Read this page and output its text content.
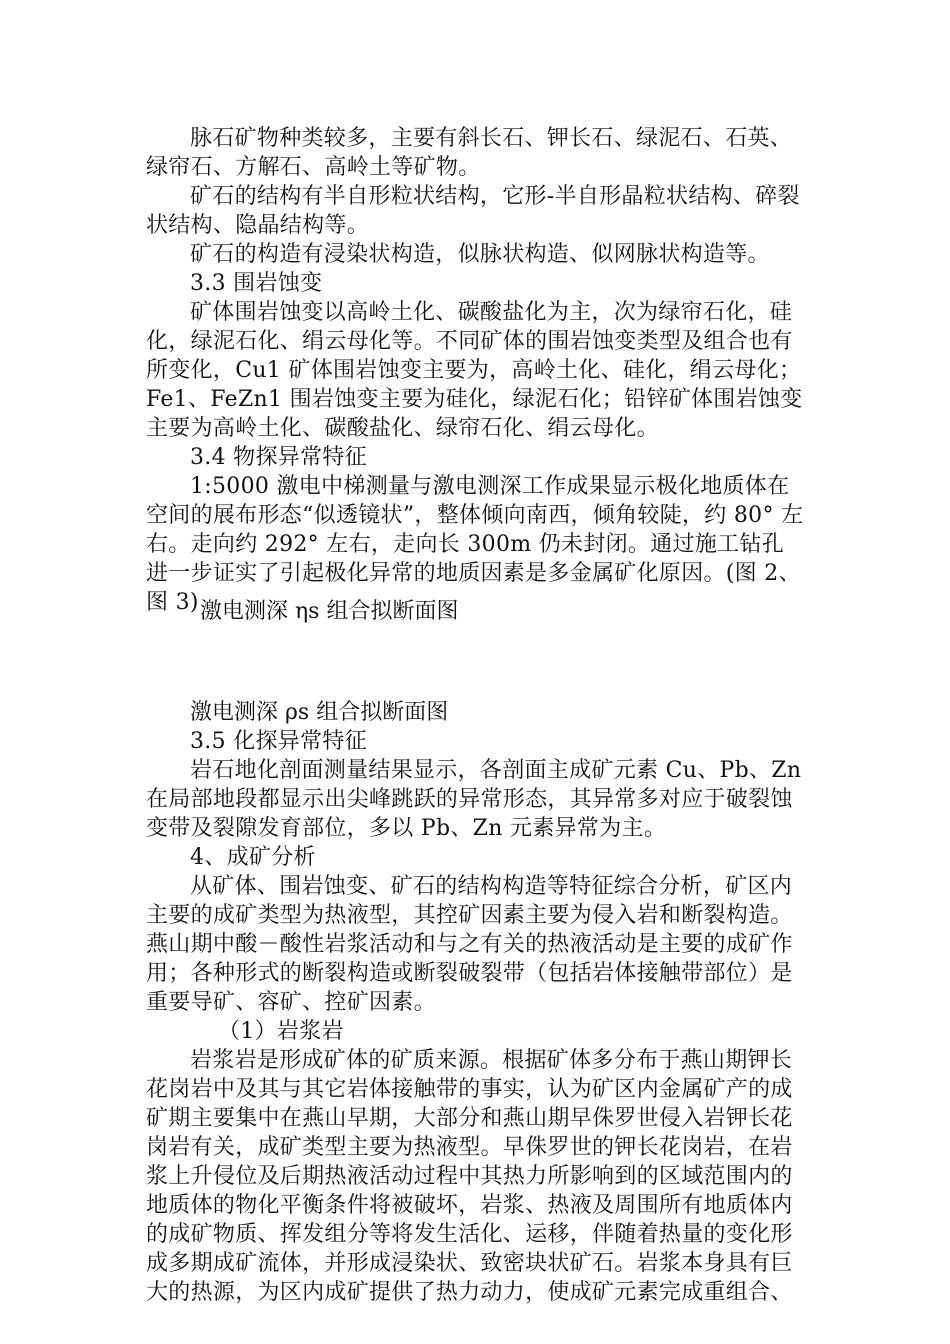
脉石矿物种类较多，主要有斜长石、钾长石、绿泥石、石英、绿帘石、方解石、高岭土等矿物。

矿石的结构有半自形粒状结构，它形-半自形晶粒状结构、碎裂状结构、隐晶结构等。

矿石的构造有浸染状构造，似脉状构造、似网脉状构造等。

3.3 围岩蚀变

矿体围岩蚀变以高岭土化、碳酸盐化为主，次为绿帘石化，硅化，绿泥石化、绢云母化等。不同矿体的围岩蚀变类型及组合也有所变化，Cu1 矿体围岩蚀变主要为，高岭土化、硅化，绢云母化；Fe1、FeZn1 围岩蚀变主要为硅化，绿泥石化；铅锌矿体围岩蚀变主要为高岭土化、碳酸盐化、绿帘石化、绢云母化。

3.4 物探异常特征

1:5000 激电中梯测量与激电测深工作成果显示极化地质体在空间的展布形态“似透镜状”，整体倾向南西，倾角较陡，约 80° 左右。走向约 292° 左右，走向长 300m 仍未封闭。通过施工钻孔进一步证实了引起极化异常的地质因素是多金属矿化原因。(图 2、图 3) 激电测深 ηs 组合拟断面图
激电测深 ρs 组合拟断面图

3.5 化探异常特征

岩石地化剖面测量结果显示，各剖面主成矿元素 Cu、Pb、Zn 在局部地段都显示出尖峰跳跃的异常形态，其异常多对应于破裂蚀变带及裂隙发育部位，多以 Pb、Zn 元素异常为主。

4、成矿分析

从矿体、围岩蚀变、矿石的结构构造等特征综合分析，矿区内主要的成矿类型为热液型，其控矿因素主要为侵入岩和断裂构造。燕山期中酸－酸性岩浆活动和与之有关的热液活动是主要的成矿作用；各种形式的断裂构造或断裂破裂带（包括岩体接触带部位）是重要导矿、容矿、控矿因素。

（1）岩浆岩

岩浆岩是形成矿体的矿质来源。根据矿体多分布于燕山期钾长花岗岩中及其与其它岩体接触带的事实，认为矿区内金属矿产的成矿期主要集中在燕山早期，大部分和燕山期早侏罗世侵入岩钾长花岗岩有关，成矿类型主要为热液型。早侏罗世的钾长花岗岩，在岩浆上升侵位及后期热液活动过程中其热力所影响到的区域范围内的地质体的物化平衡条件将被破坏，岩浆、热液及周围所有地质体内的成矿物质、挥发组分等将发生活化、运移，伴随着热量的变化形成多期成矿流体，并形成浸染状、致密块状矿石。岩浆本身具有巨大的热源，为区内成矿提供了热力动力，使成矿元素完成重组合、
